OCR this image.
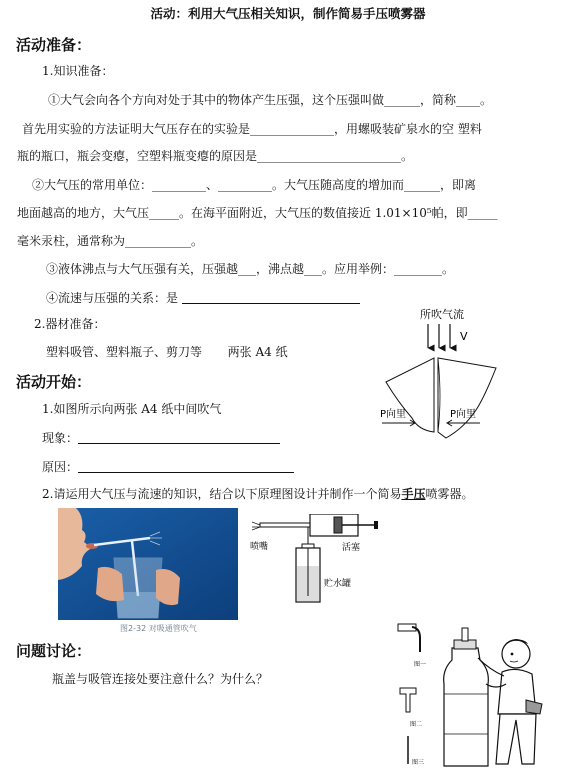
活动：利用大气压相关知识，制作简易手压喷雾器
活动准备：
1.知识准备：
①大气会向各个方向对处于其中的物体产生压强，这个压强叫做______，简称____。
首先用实验的方法证明大气压存在的实验是______________，用螺吸装矿泉水的空 塑料
瓶的瓶口，瓶会变瘪，空塑料瓶变瘪的原因是________________________。
②大气压的常用单位：_________、_________。大气压随高度的增加而______，即离
地面越高的地方，大气压_____。在海平面附近，大气压的数值接近 1.01×10⁵帕，即_____
毫米汞柱，通常称为___________。
③液体沸点与大气压强有关，压强越___，沸点越___。应用举例：________。
④流速与压强的关系：是
2.器材准备：
塑料吸管、塑料瓶子、剪刀等 两张 A4 纸
所吹气流
V
P向里	P向里
活动开始：
1.如图所示向两张 A4 纸中间吹气
现象：
原因：
2.请运用大气压与流速的知识，结合以下原理图设计并制作一个简易手压喷雾器。
图2-32 对吸通管吹气
喷嘴	活塞
贮水罐
问题讨论：
瓶盖与吸管连接处要注意什么？为什么？
图一
图二
图三
